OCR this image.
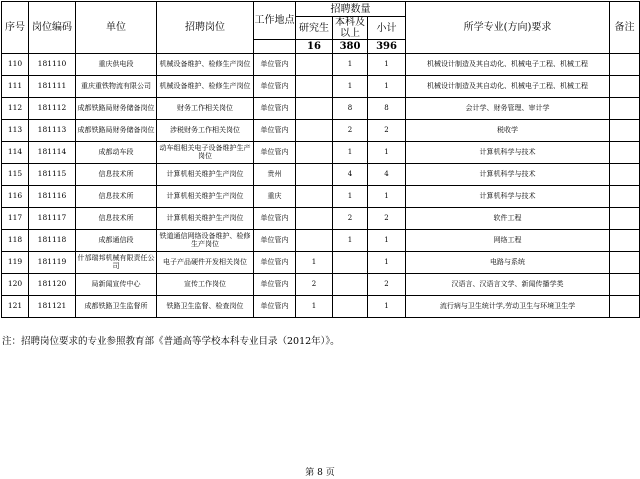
序号	岗位编码	单位	招聘岗位	工作地点	招聘数量			所学专业(方向)要求	备注
					研究生	本科及以上	小计		
					16	380	396		
110	181110	重庆供电段	机械设备维护、检修生产岗位	单位管内		1	1	机械设计制造及其自动化、机械电子工程、机械工程	
111	181111	重庆重铁物流有限公司	机械设备维护、检修生产岗位	单位管内		1	1	机械设计制造及其自动化、机械电子工程、机械工程	
112	181112	成都铁路局财务储备岗位	财务工作相关岗位	单位管内		8	8	会计学、财务管理、审计学	
113	181113	成都铁路局财务储备岗位	涉税财务工作相关岗位	单位管内		2	2	税收学	
114	181114	成都动车段	动车组相关电子设备维护生产岗位	单位管内		1	1	计算机科学与技术	
115	181115	信息技术所	计算机相关维护生产岗位	贵州		4	4	计算机科学与技术	
116	181116	信息技术所	计算机相关维护生产岗位	重庆		1	1	计算机科学与技术	
117	181117	信息技术所	计算机相关维护生产岗位	单位管内		2	2	软件工程	
118	181118	成都通信段	铁道通信网络设备维护、检修生产岗位	单位管内		1	1	网络工程	
119	181119	什邡瑞邦机械有限责任公司	电子产品硬件开发相关岗位	单位管内	1		1	电路与系统	
120	181120	局新闻宣传中心	宣传工作岗位	单位管内	2		2	汉语言、汉语言文学、新闻传播学类	
121	181121	成都铁路卫生监督所	铁路卫生监督、检查岗位	单位管内	1		1	流行病与卫生统计学,劳动卫生与环境卫生学	
注：招聘岗位要求的专业参照教育部《普通高等学校本科专业目录（2012年）》。
第 8 页
